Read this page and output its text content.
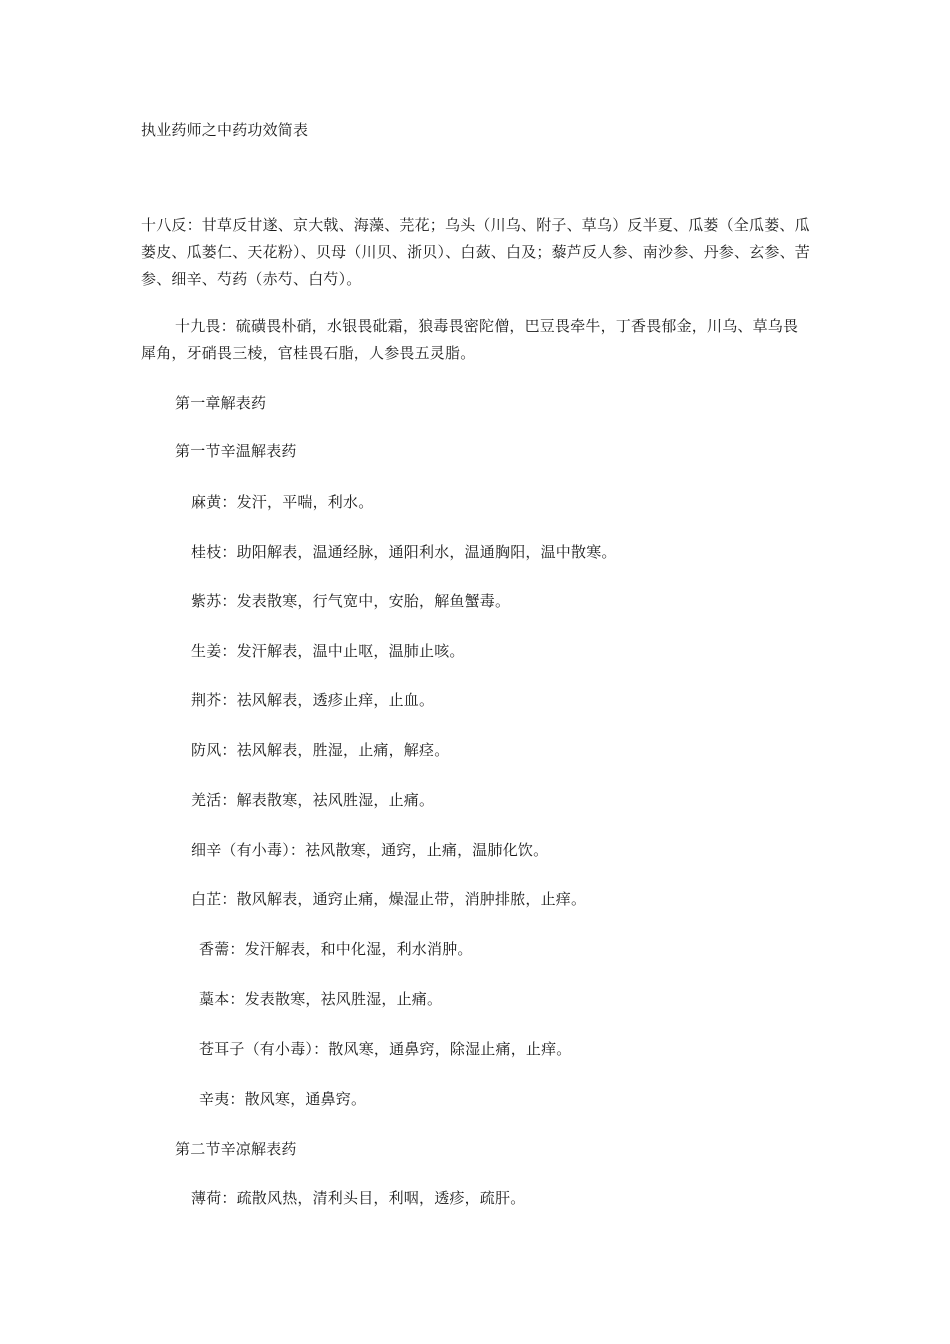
执业药师之中药功效简表
十八反：甘草反甘遂、京大戟、海藻、芫花；乌头（川乌、附子、草乌）反半夏、瓜蒌（全瓜蒌、瓜蒌皮、瓜蒌仁、天花粉）、贝母（川贝、浙贝）、白蔹、白及；藜芦反人参、南沙参、丹参、玄参、苦参、细辛、芍药（赤芍、白芍）。
十九畏：硫磺畏朴硝，水银畏砒霜，狼毒畏密陀僧，巴豆畏牵牛，丁香畏郁金，川乌、草乌畏犀角，牙硝畏三棱，官桂畏石脂，人参畏五灵脂。
第一章解表药
第一节辛温解表药
麻黄：发汗，平喘，利水。
桂枝：助阳解表，温通经脉，通阳利水，温通胸阳，温中散寒。
紫苏：发表散寒，行气宽中，安胎，解鱼蟹毒。
生姜：发汗解表，温中止呕，温肺止咳。
荆芥：祛风解表，透疹止痒，止血。
防风：祛风解表，胜湿，止痛，解痉。
羌活：解表散寒，祛风胜湿，止痛。
细辛（有小毒）：祛风散寒，通窍，止痛，温肺化饮。
白芷：散风解表，通窍止痛，燥湿止带，消肿排脓，止痒。
香薷：发汗解表，和中化湿，利水消肿。
藁本：发表散寒，祛风胜湿，止痛。
苍耳子（有小毒）：散风寒，通鼻窍，除湿止痛，止痒。
辛夷：散风寒，通鼻窍。
第二节辛凉解表药
薄荷：疏散风热，清利头目，利咽，透疹，疏肝。
